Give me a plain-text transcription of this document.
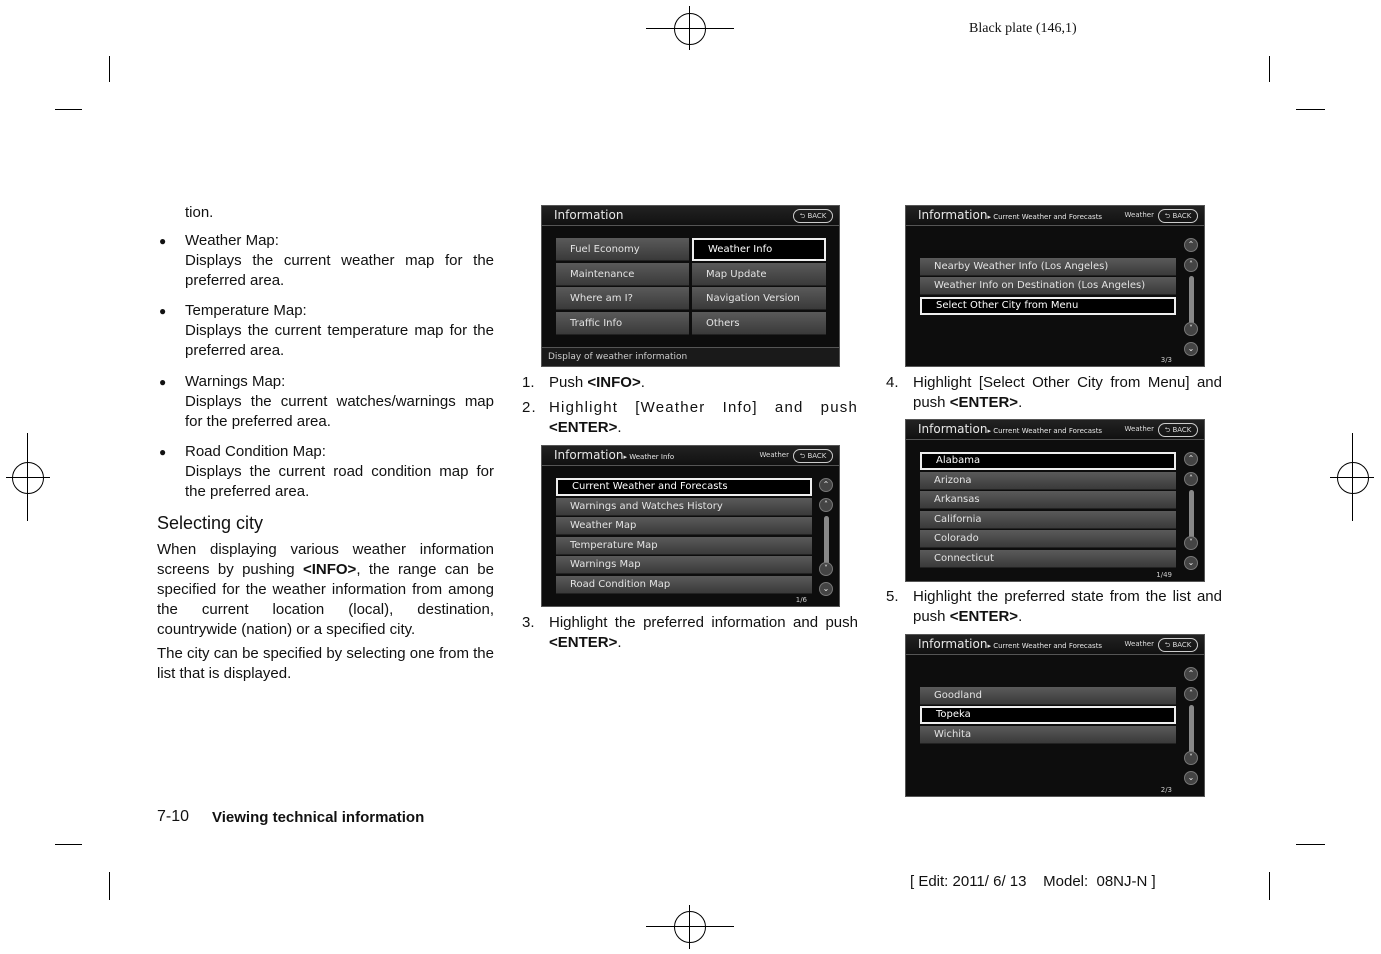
Black plate (146,1)
tion.
● Weather Map:
Displays the current weather map for the preferred area.
● Temperature Map:
Displays the current temperature map for the preferred area.
● Warnings Map:
Displays the current watches/warnings map for the preferred area.
● Road Condition Map:
Displays the current road condition map for the preferred area.
Selecting city
When displaying various weather information screens by pushing <INFO>, the range can be specified for the weather information from among the current location (local), destination, countrywide (nation) or a specified city.
The city can be specified by selecting one from the list that is displayed.
1. Push <INFO>.
2. Highlight [Weather Info] and push <ENTER>.
3. Highlight the preferred information and push <ENTER>.
4. Highlight [Select Other City from Menu] and push <ENTER>.
5. Highlight the preferred state from the list and push <ENTER>.
Information	⮌ BACK
Fuel Economy
Maintenance
Where am I?
Traffic Info
Weather Info
Map Update
Navigation Version
Others
Display of weather information
Information▸ Weather Info	Weather	⮌ BACK
Current Weather and Forecasts
Warnings and Watches History
Weather Map
Temperature Map
Warnings Map
Road Condition Map
⌃
˄
˅
⌄
1/6
Information▸ Current Weather and Forecasts	Weather	⮌ BACK
Nearby Weather Info (Los Angeles)
Weather Info on Destination (Los Angeles)
Select Other City from Menu
⌃
˄
˅
⌄
3/3
Information▸ Current Weather and Forecasts	Weather	⮌ BACK
Alabama
Arizona
Arkansas
California
Colorado
Connecticut
⌃
˄
˅
⌄
1/49
Information▸ Current Weather and Forecasts	Weather	⮌ BACK
Goodland
Topeka
Wichita
⌃
˄
˅
⌄
2/3
7-10 Viewing technical information
[ Edit: 2011/ 6/ 13    Model:  08NJ-N ]
